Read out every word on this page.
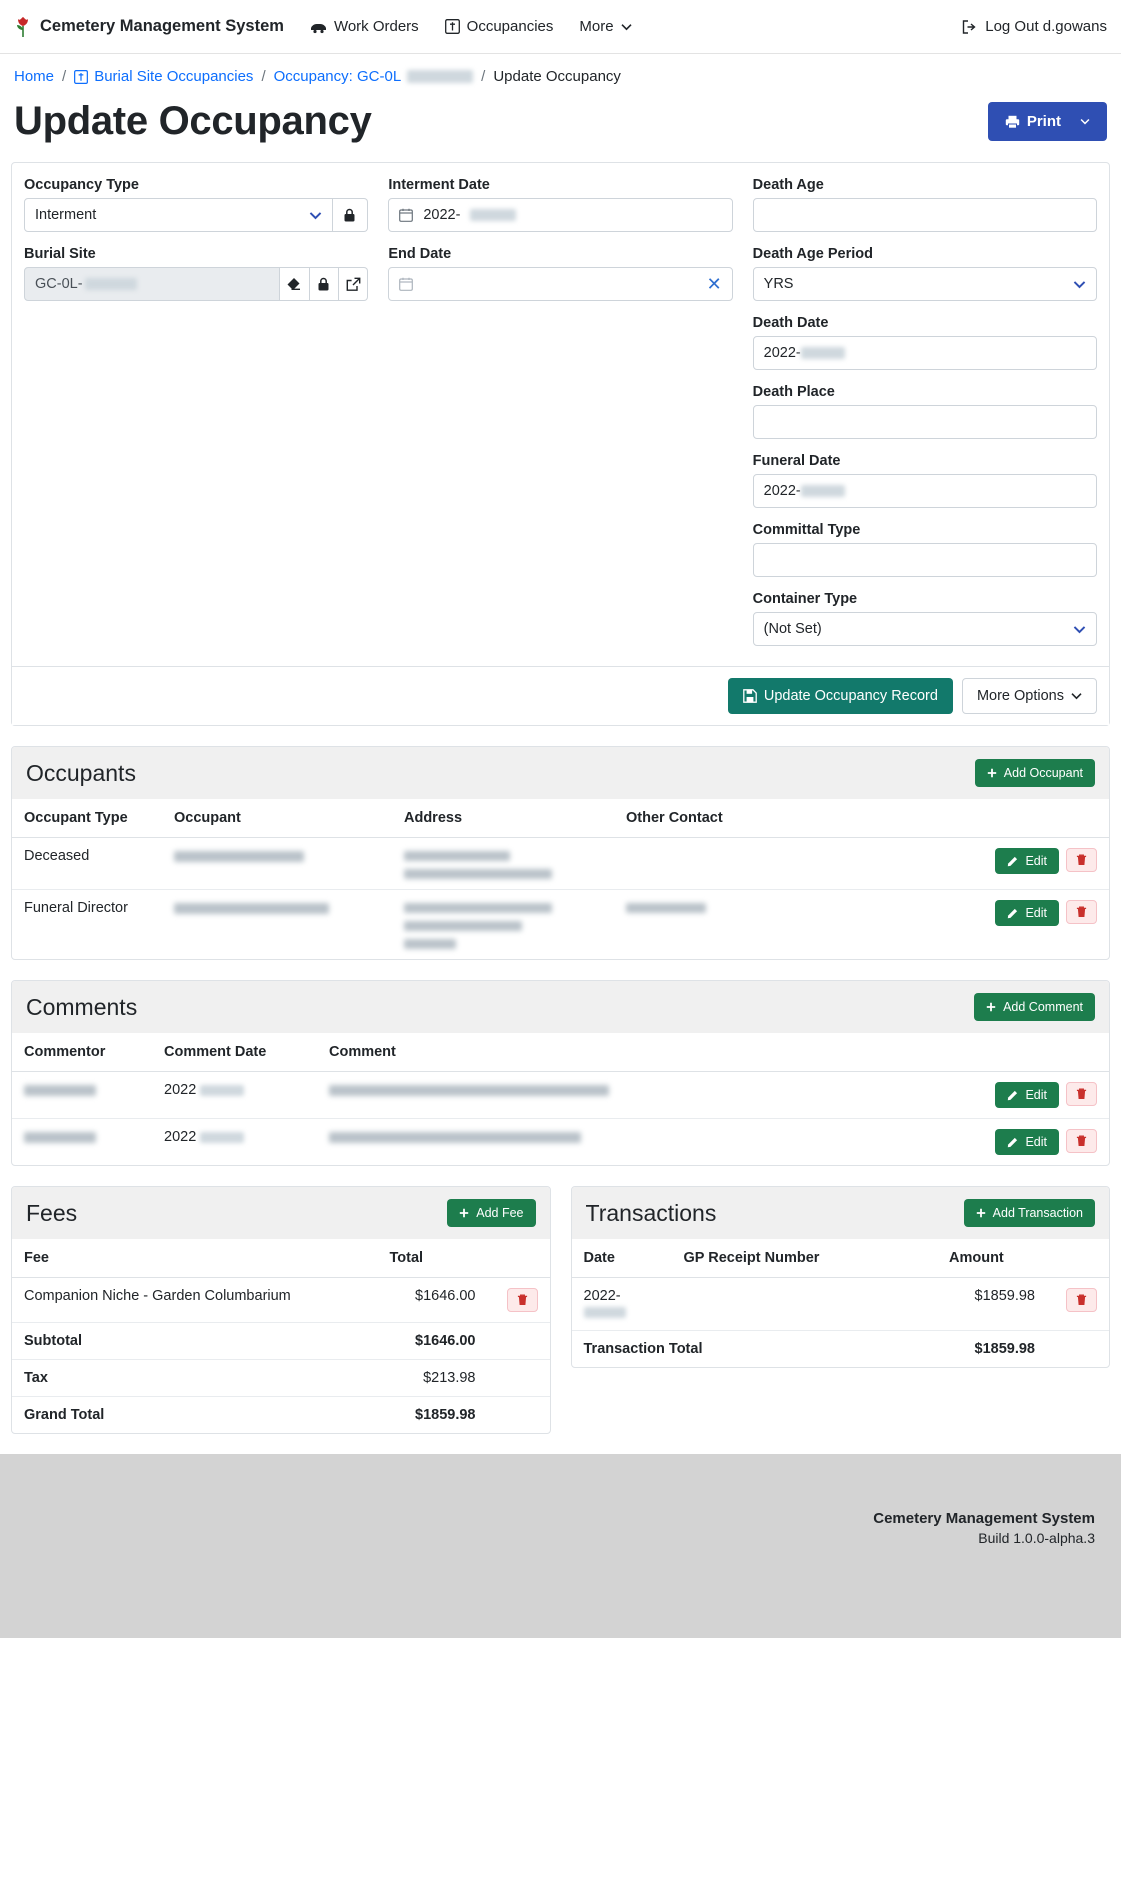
Cemetery Management System	Work Orders	Occupancies More	Log Out d.gowans
Home / Burial Site Occupancies / Occupancy: GC-0L	/ Update Occupancy
Update Occupancy	Print
Occupancy Type
Interment
Burial Site
GC-0L-
Interment Date
2022-
End Date
✕
Death Age
Death Age Period
YRS
Death Date
2022-
Death Place
Funeral Date
2022-
Committal Type
Container Type
(Not Set)
Update Occupancy Record	More Options
Occupants	Add Occupant
Occupant Type	Occupant	Address	Other Contact	
Deceased				Edit

Funeral Director				Edit
Comments	Add Comment
Commentor	Comment Date	Comment	

	2022		Edit

	2022		Edit
Fees	Add Fee
Fee	Total	
Companion Niche - Garden Columbarium	$1646.00	

Subtotal	$1646.00	
Tax	$213.98	
Grand Total	$1859.98	
Transactions	Add Transaction
Date	GP Receipt Number	Amount	
2022-		$1859.98	

Transaction Total		$1859.98	
Cemetery Management System
Build 1.0.0-alpha.3
